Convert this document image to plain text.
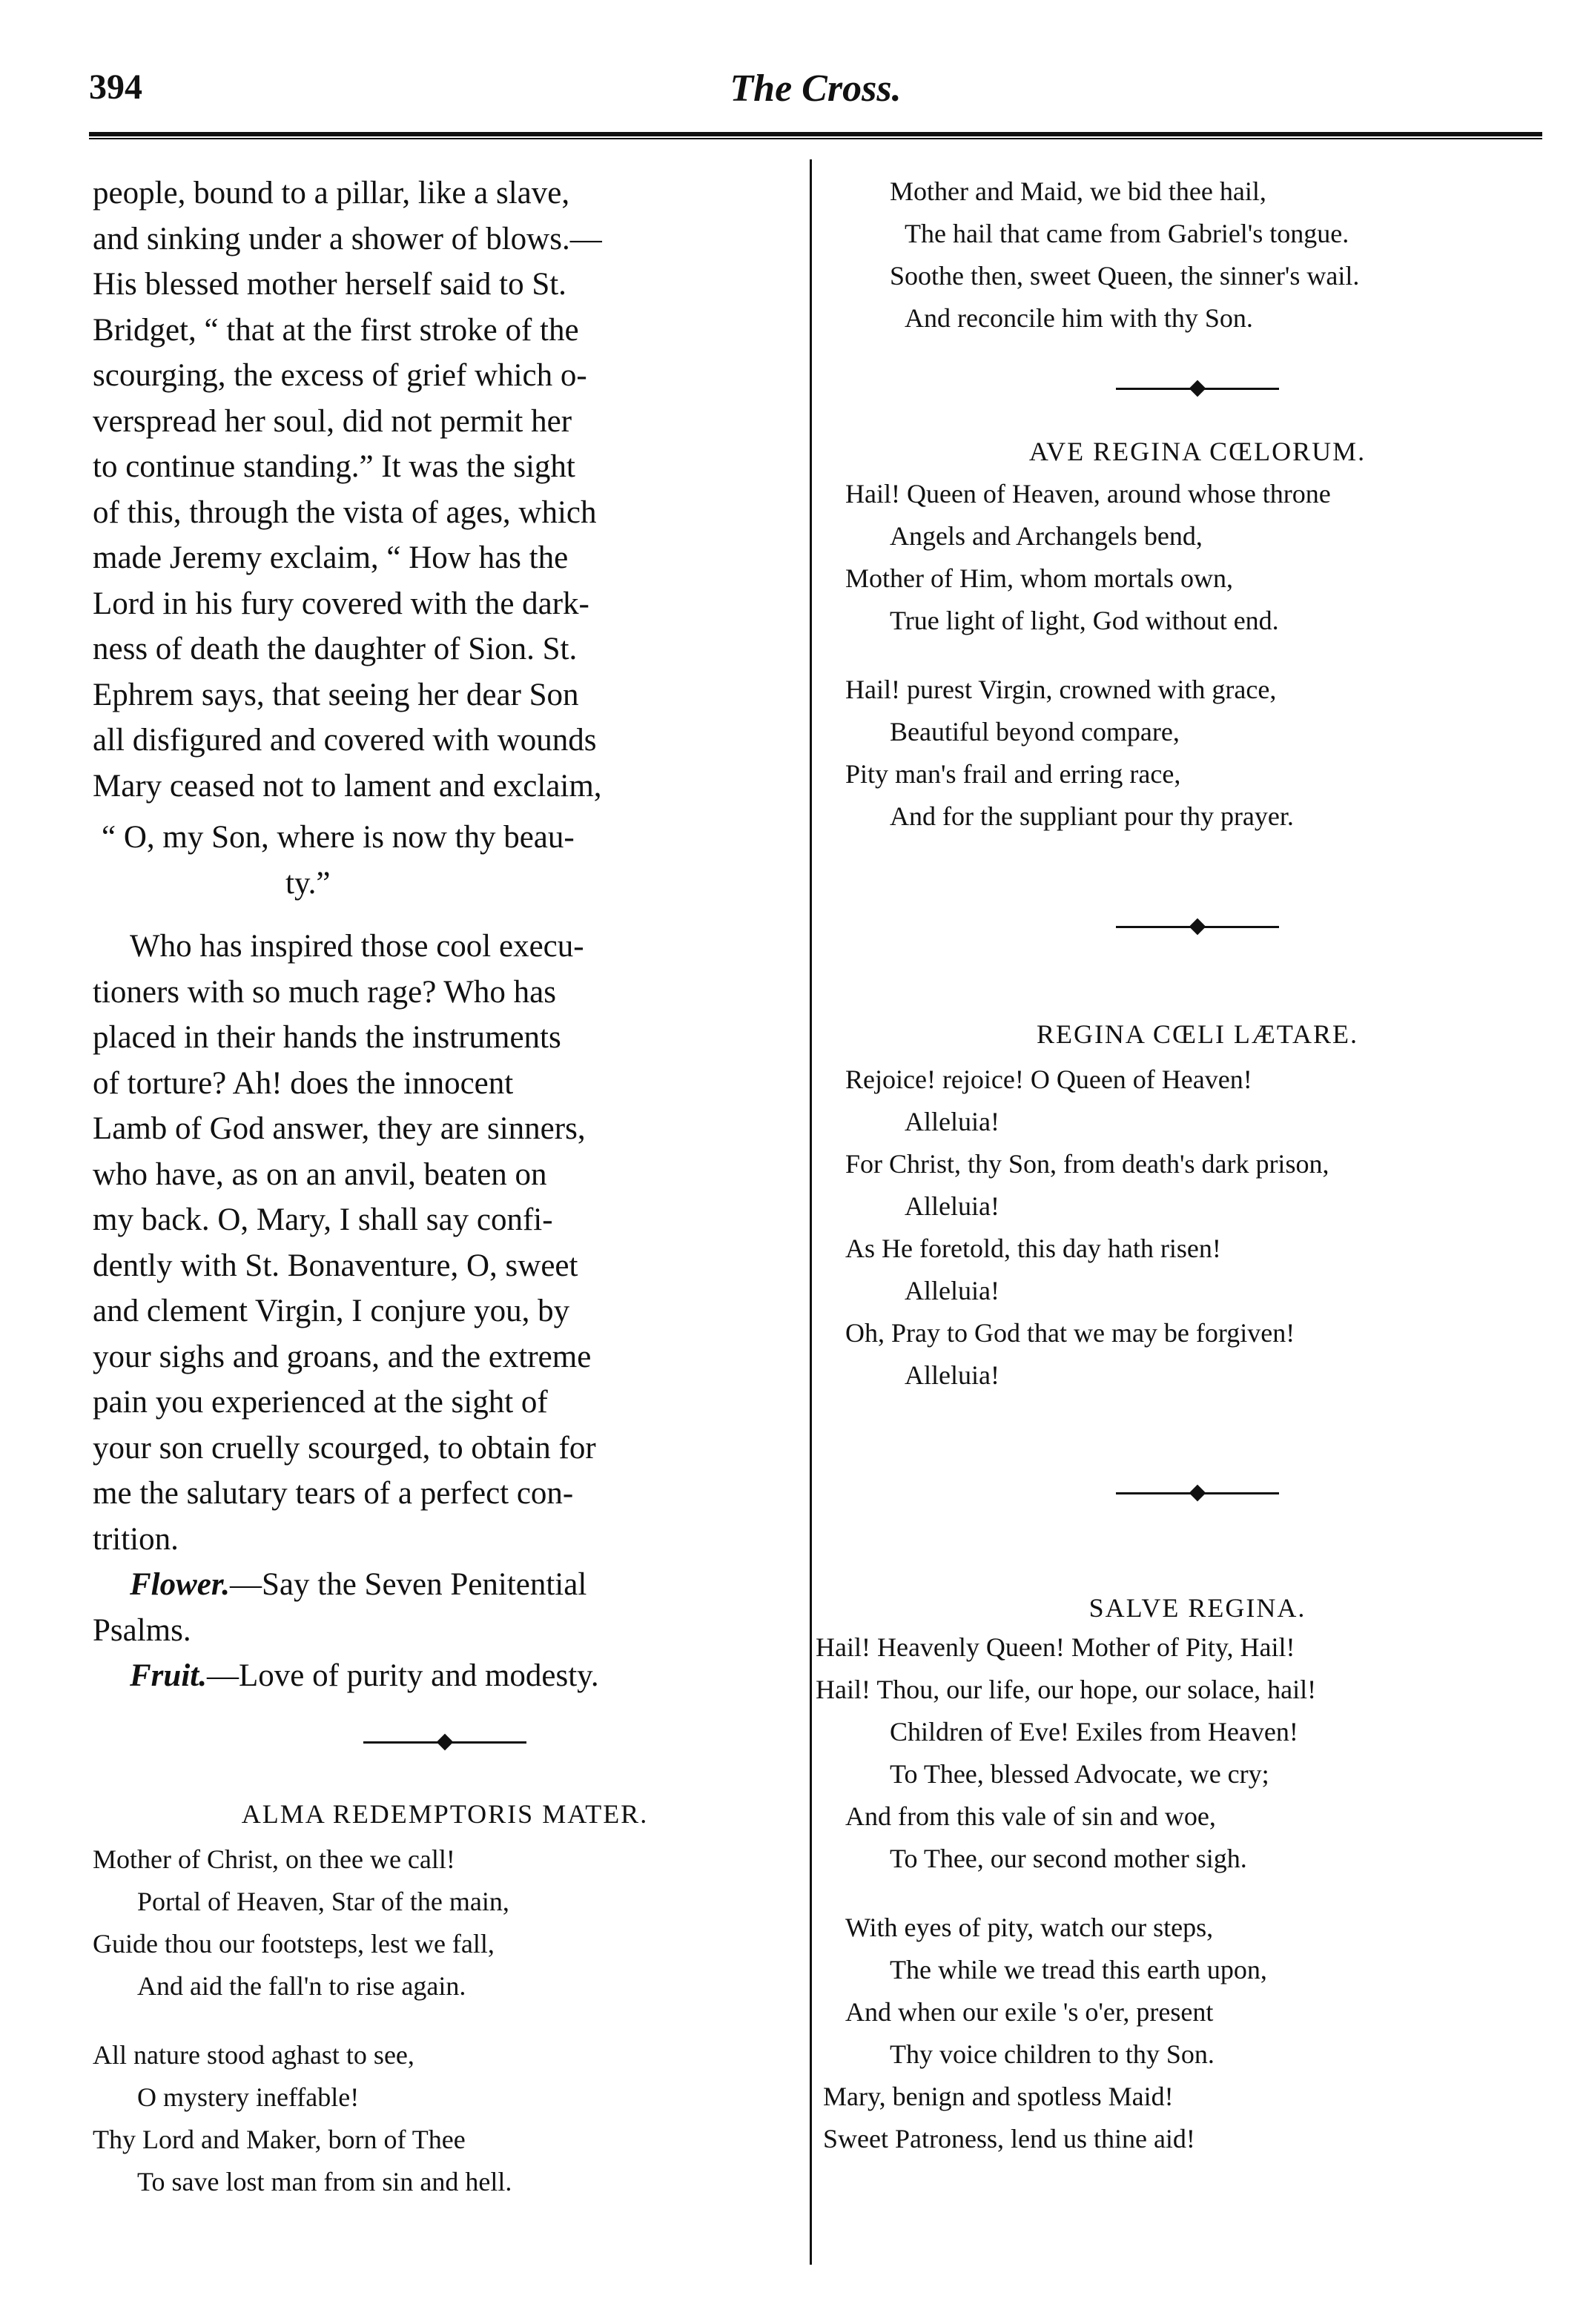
394	The Cross.

people, bound to a pillar, like a slave,

and sinking under a shower of blows.—

His blessed mother herself said to St.

Bridget, “ that at the first stroke of the

scourging, the excess of grief which o-

verspread her soul, did not permit her

to continue standing.” It was the sight

of this, through the vista of ages, which

made Jeremy exclaim, “ How has the

Lord in his fury covered with the dark-

ness of death the daughter of Sion. St.

Ephrem says, that seeing her dear Son

all disfigured and covered with wounds

Mary ceased not to lament and exclaim,

“ O, my Son, where is now thy beau-

ty.”

Who has inspired those cool execu-

tioners with so much rage? Who has

placed in their hands the instruments

of torture? Ah! does the innocent

Lamb of God answer, they are sinners,

who have, as on an anvil, beaten on

my back. O, Mary, I shall say confi-

dently with St. Bonaventure, O, sweet

and clement Virgin, I conjure you, by

your sighs and groans, and the extreme

pain you experienced at the sight of

your son cruelly scourged, to obtain for

me the salutary tears of a perfect con-

trition.

Flower.—Say the Seven Penitential

Psalms.

Fruit.—Love of purity and modesty.

ALMA REDEMPTORIS MATER.

Mother of Christ, on thee we call!

Portal of Heaven, Star of the main,

Guide thou our footsteps, lest we fall,

And aid the fall'n to rise again.

All nature stood aghast to see,

O mystery ineffable!

Thy Lord and Maker, born of Thee

To save lost man from sin and hell.

Mother and Maid, we bid thee hail,

The hail that came from Gabriel's tongue.

Soothe then, sweet Queen, the sinner's wail.

And reconcile him with thy Son.

AVE REGINA CŒLORUM.

Hail! Queen of Heaven, around whose throne

Angels and Archangels bend,

Mother of Him, whom mortals own,

True light of light, God without end.

Hail! purest Virgin, crowned with grace,

Beautiful beyond compare,

Pity man's frail and erring race,

And for the suppliant pour thy prayer.

REGINA CŒLI LÆTARE.

Rejoice! rejoice! O Queen of Heaven!

Alleluia!

For Christ, thy Son, from death's dark prison,

Alleluia!

As He foretold, this day hath risen!

Alleluia!

Oh, Pray to God that we may be forgiven!

Alleluia!

SALVE REGINA.

Hail! Heavenly Queen! Mother of Pity, Hail!

Hail! Thou, our life, our hope, our solace, hail!

Children of Eve! Exiles from Heaven!

To Thee, blessed Advocate, we cry;

And from this vale of sin and woe,

To Thee, our second mother sigh.

With eyes of pity, watch our steps,

The while we tread this earth upon,

And when our exile 's o'er, present

Thy voice children to thy Son.

Mary, benign and spotless Maid!

Sweet Patroness, lend us thine aid!
